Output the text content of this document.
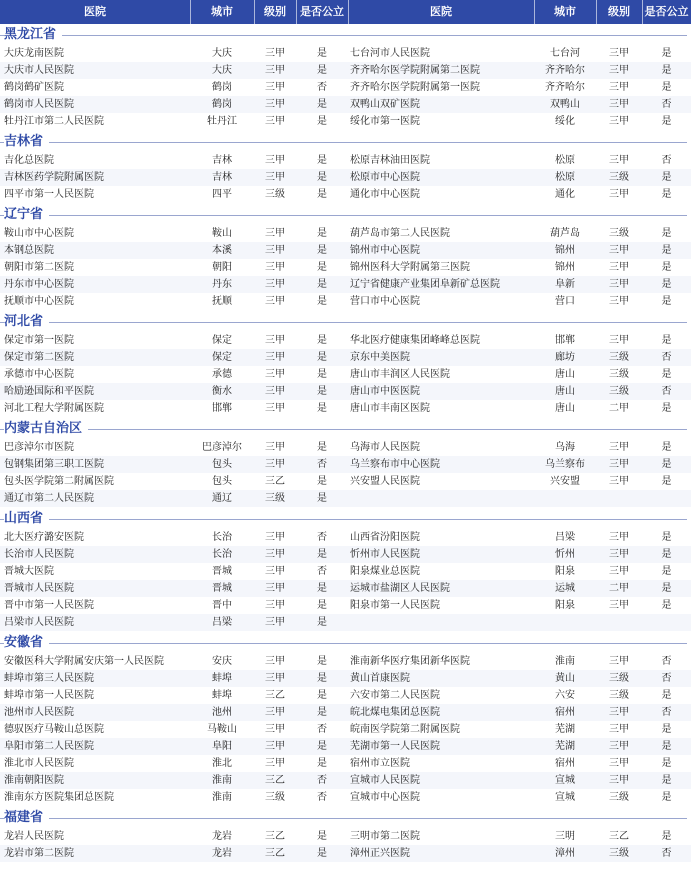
医院	城市	级别	是否公立	医院	城市	级别	是否公立
黑龙江省
大庆龙南医院	大庆	三甲	是	七台河市人民医院	七台河	三甲	是
大庆市人民医院	大庆	三甲	是	齐齐哈尔医学院附属第二医院	齐齐哈尔	三甲	是
鹤岗鹤矿医院	鹤岗	三甲	否	齐齐哈尔医学院附属第一医院	齐齐哈尔	三甲	是
鹤岗市人民医院	鹤岗	三甲	是	双鸭山双矿医院	双鸭山	三甲	否
牡丹江市第二人民医院	牡丹江	三甲	是	绥化市第一医院	绥化	三甲	是
吉林省
吉化总医院	吉林	三甲	是	松原吉林油田医院	松原	三甲	否
吉林医药学院附属医院	吉林	三甲	是	松原市中心医院	松原	三级	是
四平市第一人民医院	四平	三级	是	通化市中心医院	通化	三甲	是
辽宁省
鞍山市中心医院	鞍山	三甲	是	葫芦岛市第二人民医院	葫芦岛	三级	是
本钢总医院	本溪	三甲	是	锦州市中心医院	锦州	三甲	是
朝阳市第二医院	朝阳	三甲	是	锦州医科大学附属第三医院	锦州	三甲	是
丹东市中心医院	丹东	三甲	是	辽宁省健康产业集团阜新矿总医院	阜新	三甲	是
抚顺市中心医院	抚顺	三甲	是	营口市中心医院	营口	三甲	是
河北省
保定市第一医院	保定	三甲	是	华北医疗健康集团峰峰总医院	邯郸	三甲	是
保定市第二医院	保定	三甲	是	京东中美医院	廊坊	三级	否
承德市中心医院	承德	三甲	是	唐山市丰润区人民医院	唐山	三级	是
哈励逊国际和平医院	衡水	三甲	是	唐山市中医医院	唐山	三级	否
河北工程大学附属医院	邯郸	三甲	是	唐山市丰南区医院	唐山	二甲	是
内蒙古自治区
巴彦淖尔市医院	巴彦淖尔	三甲	是	乌海市人民医院	乌海	三甲	是
包钢集团第三职工医院	包头	三甲	否	乌兰察布市中心医院	乌兰察布	三甲	是
包头医学院第二附属医院	包头	三乙	是	兴安盟人民医院	兴安盟	三甲	是
通辽市第二人民医院	通辽	三级	是
山西省
北大医疗潞安医院	长治	三甲	否	山西省汾阳医院	吕梁	三甲	是
长治市人民医院	长治	三甲	是	忻州市人民医院	忻州	三甲	是
晋城大医院	晋城	三甲	否	阳泉煤业总医院	阳泉	三甲	是
晋城市人民医院	晋城	三甲	是	运城市盐湖区人民医院	运城	二甲	是
晋中市第一人民医院	晋中	三甲	是	阳泉市第一人民医院	阳泉	三甲	是
吕梁市人民医院	吕梁	三甲	是
安徽省
安徽医科大学附属安庆第一人民医院	安庆	三甲	是	淮南新华医疗集团新华医院	淮南	三甲	否
蚌埠市第三人民医院	蚌埠	三甲	是	黄山首康医院	黄山	三级	否
蚌埠市第一人民医院	蚌埠	三乙	是	六安市第二人民医院	六安	三级	是
池州市人民医院	池州	三甲	是	皖北煤电集团总医院	宿州	三甲	否
德驭医疗马鞍山总医院	马鞍山	三甲	否	皖南医学院第二附属医院	芜湖	三甲	是
阜阳市第二人民医院	阜阳	三甲	是	芜湖市第一人民医院	芜湖	三甲	是
淮北市人民医院	淮北	三甲	是	宿州市立医院	宿州	三甲	是
淮南朝阳医院	淮南	三乙	否	宣城市人民医院	宣城	三甲	是
淮南东方医院集团总医院	淮南	三级	否	宣城市中心医院	宣城	三级	是
福建省
龙岩人民医院	龙岩	三乙	是	三明市第二医院	三明	三乙	是
龙岩市第二医院	龙岩	三乙	是	漳州正兴医院	漳州	三级	否
